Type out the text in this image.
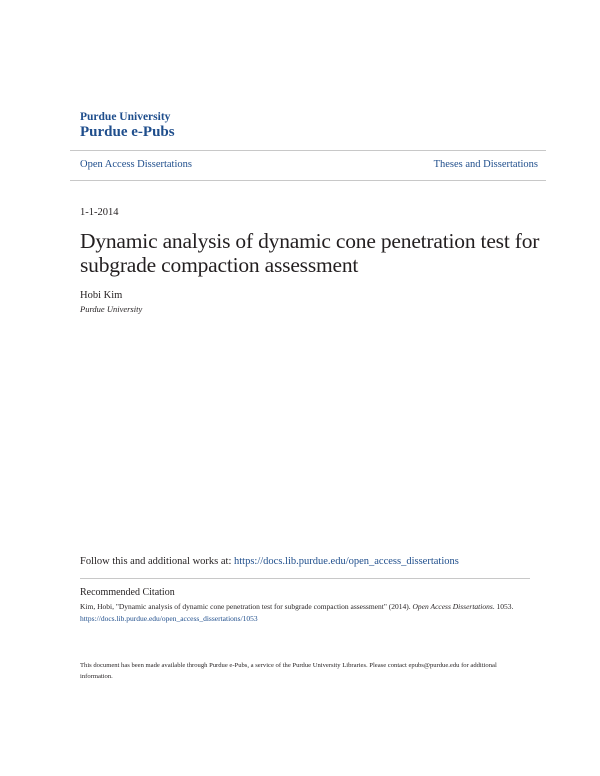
Purdue University
Purdue e-Pubs
Open Access Dissertations	Theses and Dissertations
1-1-2014
Dynamic analysis of dynamic cone penetration test for subgrade compaction assessment
Hobi Kim
Purdue University
Follow this and additional works at: https://docs.lib.purdue.edu/open_access_dissertations
Recommended Citation
Kim, Hobi, "Dynamic analysis of dynamic cone penetration test for subgrade compaction assessment" (2014). Open Access Dissertations. 1053.
https://docs.lib.purdue.edu/open_access_dissertations/1053
This document has been made available through Purdue e-Pubs, a service of the Purdue University Libraries. Please contact epubs@purdue.edu for additional information.
